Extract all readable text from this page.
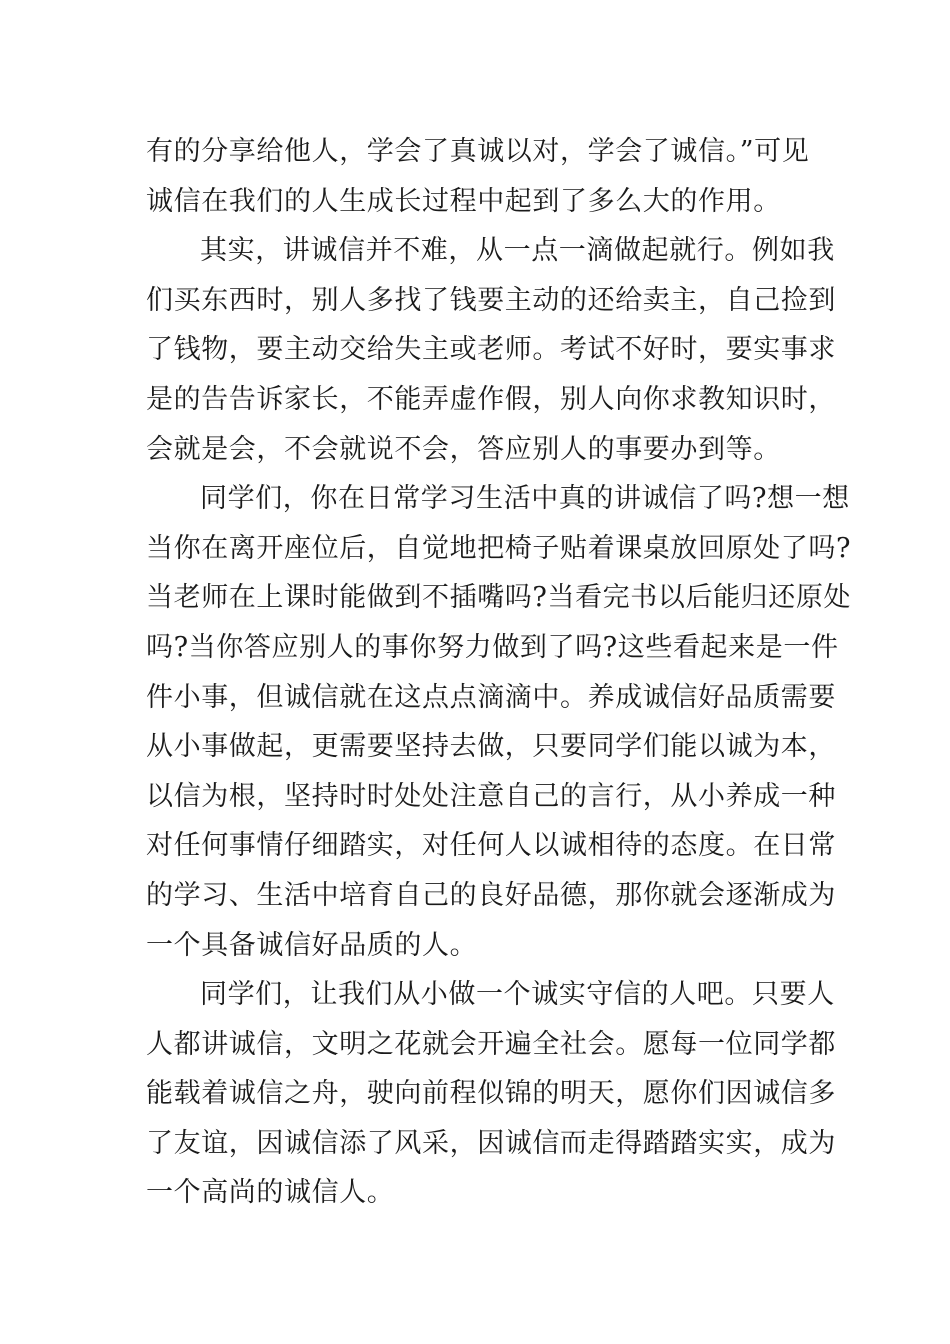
有的分享给他人，学会了真诚以对，学会了诚信。”可见
诚信在我们的人生成长过程中起到了多么大的作用。
其实，讲诚信并不难，从一点一滴做起就行。例如我
们买东西时，别人多找了钱要主动的还给卖主，自己捡到
了钱物，要主动交给失主或老师。考试不好时，要实事求
是的告告诉家长，不能弄虚作假，别人向你求教知识时，
会就是会，不会就说不会，答应别人的事要办到等。
同学们，你在日常学习生活中真的讲诚信了吗?想一想
当你在离开座位后，自觉地把椅子贴着课桌放回原处了吗?
当老师在上课时能做到不插嘴吗?当看完书以后能归还原处
吗?当你答应别人的事你努力做到了吗?这些看起来是一件
件小事，但诚信就在这点点滴滴中。养成诚信好品质需要
从小事做起，更需要坚持去做，只要同学们能以诚为本，
以信为根，坚持时时处处注意自己的言行，从小养成一种
对任何事情仔细踏实，对任何人以诚相待的态度。在日常
的学习、生活中培育自己的良好品德，那你就会逐渐成为
一个具备诚信好品质的人。
同学们，让我们从小做一个诚实守信的人吧。只要人
人都讲诚信，文明之花就会开遍全社会。愿每一位同学都
能载着诚信之舟，驶向前程似锦的明天，愿你们因诚信多
了友谊，因诚信添了风采，因诚信而走得踏踏实实，成为
一个高尚的诚信人。
